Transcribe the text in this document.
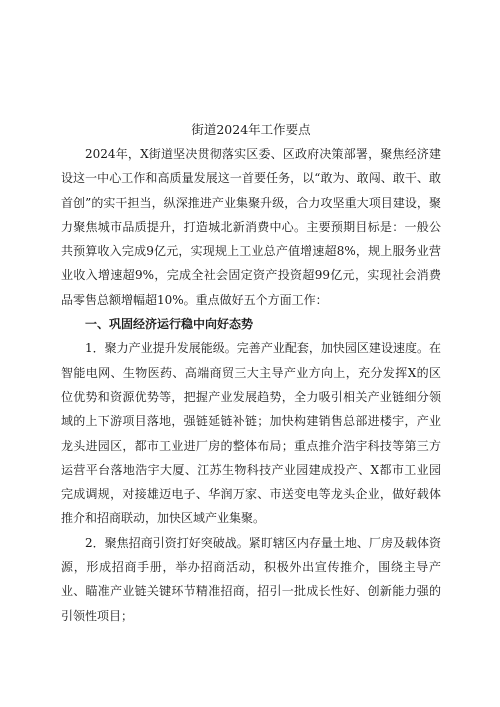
街道2024年工作要点

2024年，X街道坚决贯彻落实区委、区政府决策部署，聚焦经济建设这一中心工作和高质量发展这一首要任务，以“敢为、敢闯、敢干、敢首创”的实干担当，纵深推进产业集聚升级，合力攻坚重大项目建设，聚力聚焦城市品质提升，打造城北新消费中心。主要预期目标是：一般公共预算收入完成9亿元，实现规上工业总产值增速超8%，规上服务业营业收入增速超9%，完成全社会固定资产投资超99亿元，实现社会消费品零售总额增幅超10%。重点做好五个方面工作：

一、巩固经济运行稳中向好态势

1．聚力产业提升发展能级。完善产业配套，加快园区建设速度。在智能电网、生物医药、高端商贸三大主导产业方向上，充分发挥X的区位优势和资源优势等，把握产业发展趋势，全力吸引相关产业链细分领域的上下游项目落地，强链延链补链；加快构建销售总部进楼宇，产业龙头进园区，都市工业进厂房的整体布局；重点推介浩宇科技等第三方运营平台落地浩宇大厦、江苏生物科技产业园建成投产、X都市工业园完成调规，对接雄迈电子、华润万家、市送变电等龙头企业，做好载体推介和招商联动，加快区域产业集聚。

2．聚焦招商引资打好突破战。紧盯辖区内存量土地、厂房及载体资源，形成招商手册，举办招商活动，积极外出宣传推介，围绕主导产业、瞄准产业链关键环节精准招商，招引一批成长性好、创新能力强的引领性项目；
